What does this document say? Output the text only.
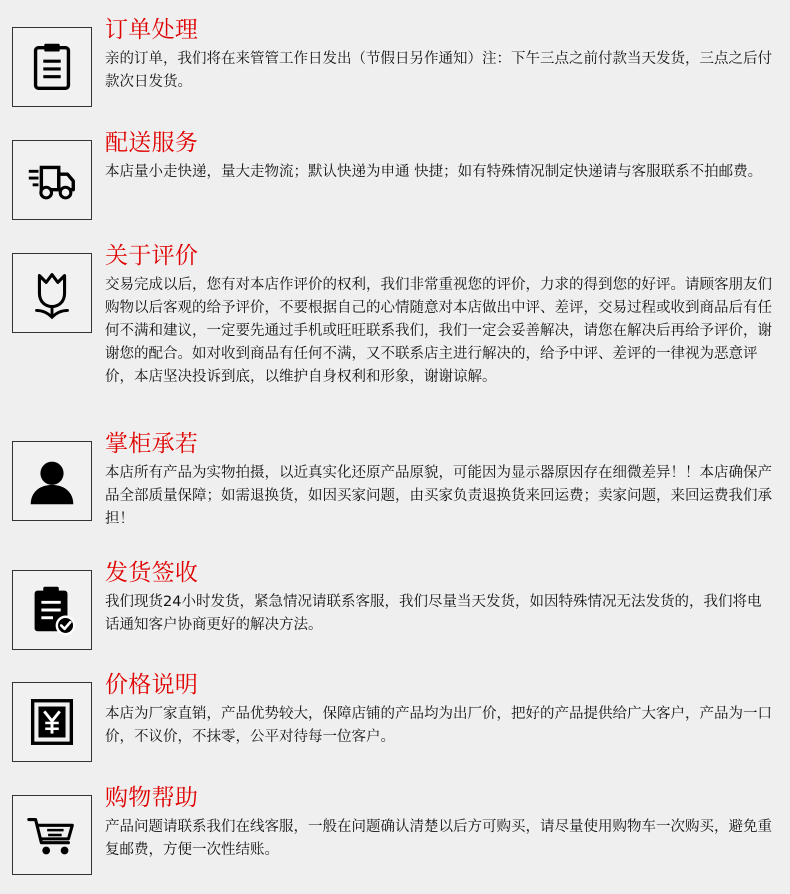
订单处理
亲的订单，我们将在来管管工作日发出（节假日另作通知）注：下午三点之前付款当天发货，三点之后付款次日发货。
配送服务
本店量小走快递，量大走物流；默认快递为申通 快捷；如有特殊情况制定快递请与客服联系不拍邮费。
关于评价
交易完成以后，您有对本店作评价的权利，我们非常重视您的评价，力求的得到您的好评。请顾客朋友们购物以后客观的给予评价，不要根据自己的心情随意对本店做出中评、差评，交易过程或收到商品后有任何不满和建议，一定要先通过手机或旺旺联系我们，我们一定会妥善解决，请您在解决后再给予评价，谢谢您的配合。如对收到商品有任何不满，又不联系店主进行解决的，给予中评、差评的一律视为恶意评价，本店坚决投诉到底，以维护自身权利和形象，谢谢谅解。
掌柜承若
本店所有产品为实物拍摄，以近真实化还原产品原貌，可能因为显示器原因存在细微差异！！本店确保产品全部质量保障；如需退换货，如因买家问题，由买家负责退换货来回运费；卖家问题，来回运费我们承担！
发货签收
我们现货24小时发货，紧急情况请联系客服，我们尽量当天发货，如因特殊情况无法发货的，我们将电话通知客户协商更好的解决方法。
价格说明
本店为厂家直销，产品优势较大，保障店铺的产品均为出厂价，把好的产品提供给广大客户，产品为一口价，不议价，不抹零，公平对待每一位客户。
购物帮助
产品问题请联系我们在线客服，一般在问题确认清楚以后方可购买，请尽量使用购物车一次购买，避免重复邮费，方便一次性结账。
